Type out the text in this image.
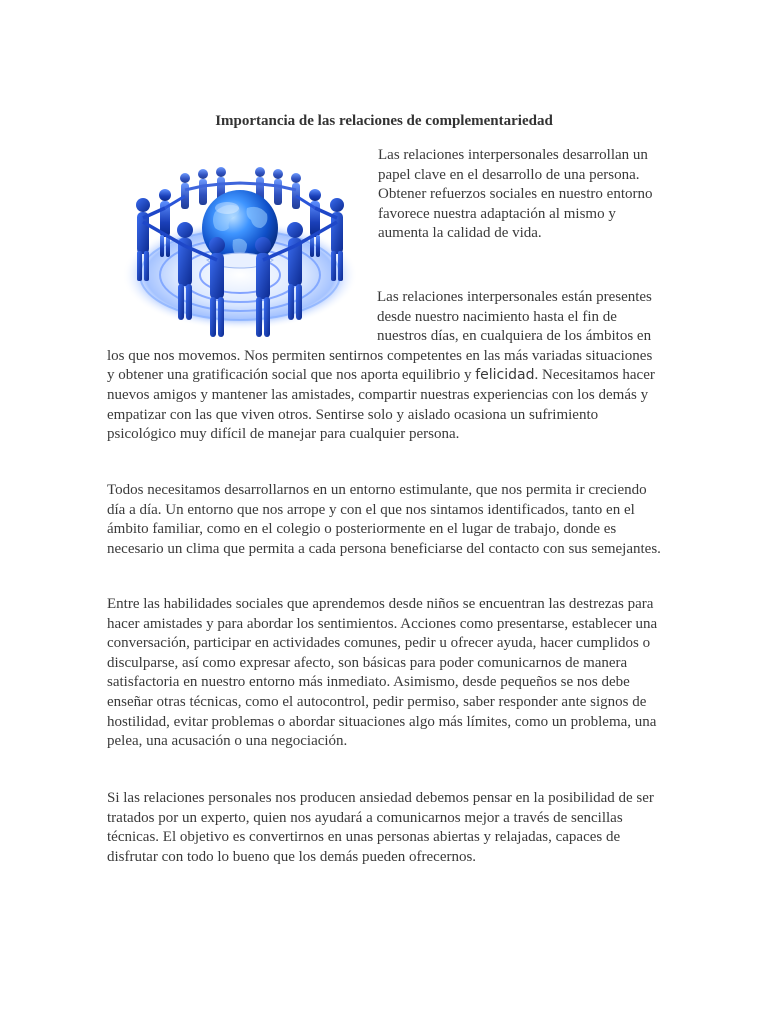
Importancia de las relaciones de complementariedad

Las relaciones interpersonales desarrollan un papel clave en el desarrollo de una persona. Obtener refuerzos sociales en nuestro entorno favorece nuestra adaptación al mismo y aumenta la calidad de vida.

Las relaciones interpersonales están presentes desde nuestro nacimiento hasta el fin de nuestros días, en cualquiera de los ámbitos en los que nos movemos. Nos permiten sentirnos competentes en las más variadas situaciones y obtener una gratificación social que nos aporta equilibrio y felicidad. Necesitamos hacer nuevos amigos y mantener las amistades, compartir nuestras experiencias con los demás y empatizar con las que viven otros. Sentirse solo y aislado ocasiona un sufrimiento psicológico muy difícil de manejar para cualquier persona.

Todos necesitamos desarrollarnos en un entorno estimulante, que nos permita ir creciendo día a día. Un entorno que nos arrope y con el que nos sintamos identificados, tanto en el ámbito familiar, como en el colegio o posteriormente en el lugar de trabajo, donde es necesario un clima que permita a cada persona beneficiarse del contacto con sus semejantes.

Entre las habilidades sociales que aprendemos desde niños se encuentran las destrezas para hacer amistades y para abordar los sentimientos. Acciones como presentarse, establecer una conversación, participar en actividades comunes, pedir u ofrecer ayuda, hacer cumplidos o disculparse, así como expresar afecto, son básicas para poder comunicarnos de manera satisfactoria en nuestro entorno más inmediato. Asimismo, desde pequeños se nos debe enseñar otras técnicas, como el autocontrol, pedir permiso, saber responder ante signos de hostilidad, evitar problemas o abordar situaciones algo más límites, como un problema, una pelea, una acusación o una negociación.

Si las relaciones personales nos producen ansiedad debemos pensar en la posibilidad de ser tratados por un experto, quien nos ayudará a comunicarnos mejor a través de sencillas técnicas. El objetivo es convertirnos en unas personas abiertas y relajadas, capaces de disfrutar con todo lo bueno que los demás pueden ofrecernos.
